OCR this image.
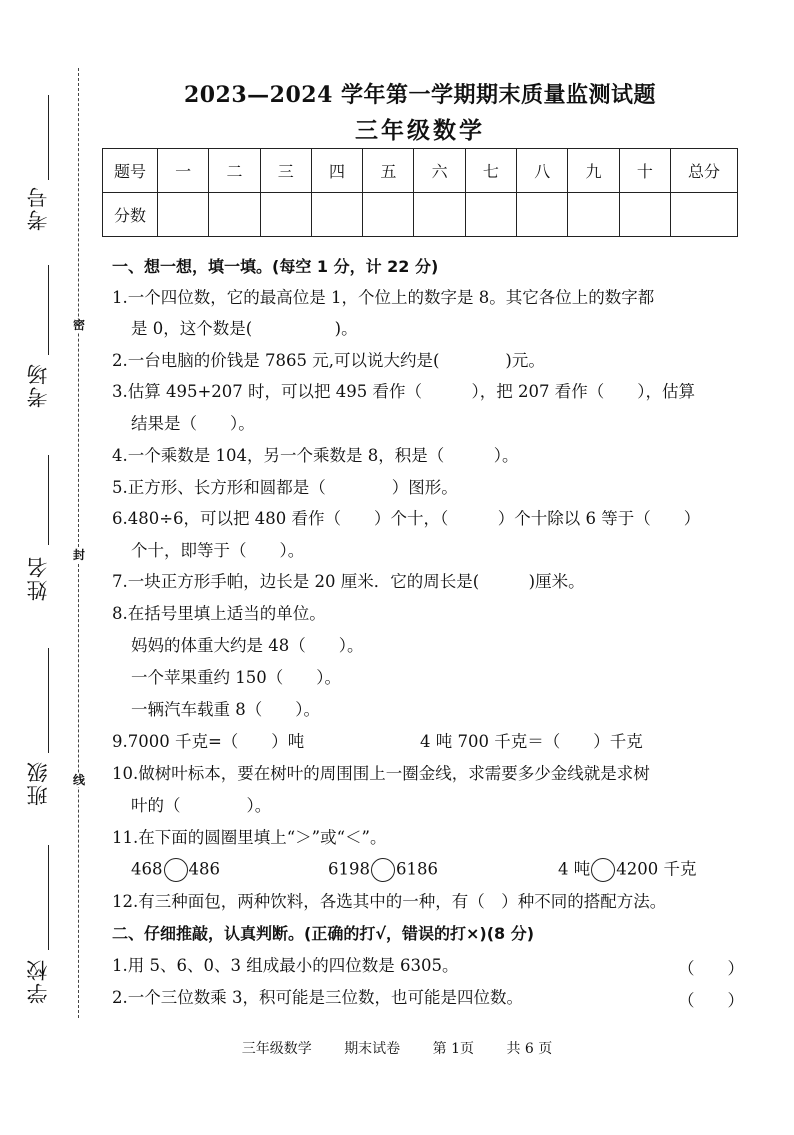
密
封
线
考号
考场
姓名
班级
学校
2023—2024 学年第一学期期末质量监测试题
三年级数学
题号	一	二	三	四	五	六	七	八	九	十	总分
分数											
一、想一想，填一填。(每空 1 分，计 22 分)
1.一个四位数，它的最高位是 1，个位上的数字是 8。其它各位上的数字都
是 0，这个数是(　　　　　)。
2.一台电脑的价钱是 7865 元,可以说大约是(　　　　)元。
3.估算 495+207 时，可以把 495 看作（　　　），把 207 看作（　　），估算
结果是（　　）。
4.一个乘数是 104，另一个乘数是 8，积是（　　　）。
5.正方形、长方形和圆都是（　　　　）图形。
6.480÷6，可以把 480 看作（　　）个十，（　　　）个十除以 6 等于（　　）
个十，即等于（　　）。
7.一块正方形手帕，边长是 20 厘米．它的周长是(　　　)厘米。
8.在括号里填上适当的单位。
妈妈的体重大约是 48（　　）。
一个苹果重约 150（　　）。
一辆汽车载重 8（　　）。
9.7000 千克=（　　）吨	4 吨 700 千克＝（　　）千克
10.做树叶标本，要在树叶的周围围上一圈金线，求需要多少金线就是求树
叶的（　　　　）。
11.在下面的圆圈里填上“＞”或“＜”。
468 486	6198 6186	4 吨 4200 千克
12.有三种面包，两种饮料，各选其中的一种，有（　）种不同的搭配方法。
二、仔细推敲，认真判断。(正确的打√，错误的打×)(8 分)
1.用 5、6、0、3 组成最小的四位数是 6305。	（　　）
2.一个三位数乘 3，积可能是三位数，也可能是四位数。	（　　）
三年级数学 期末试卷 第 1页 共 6 页
